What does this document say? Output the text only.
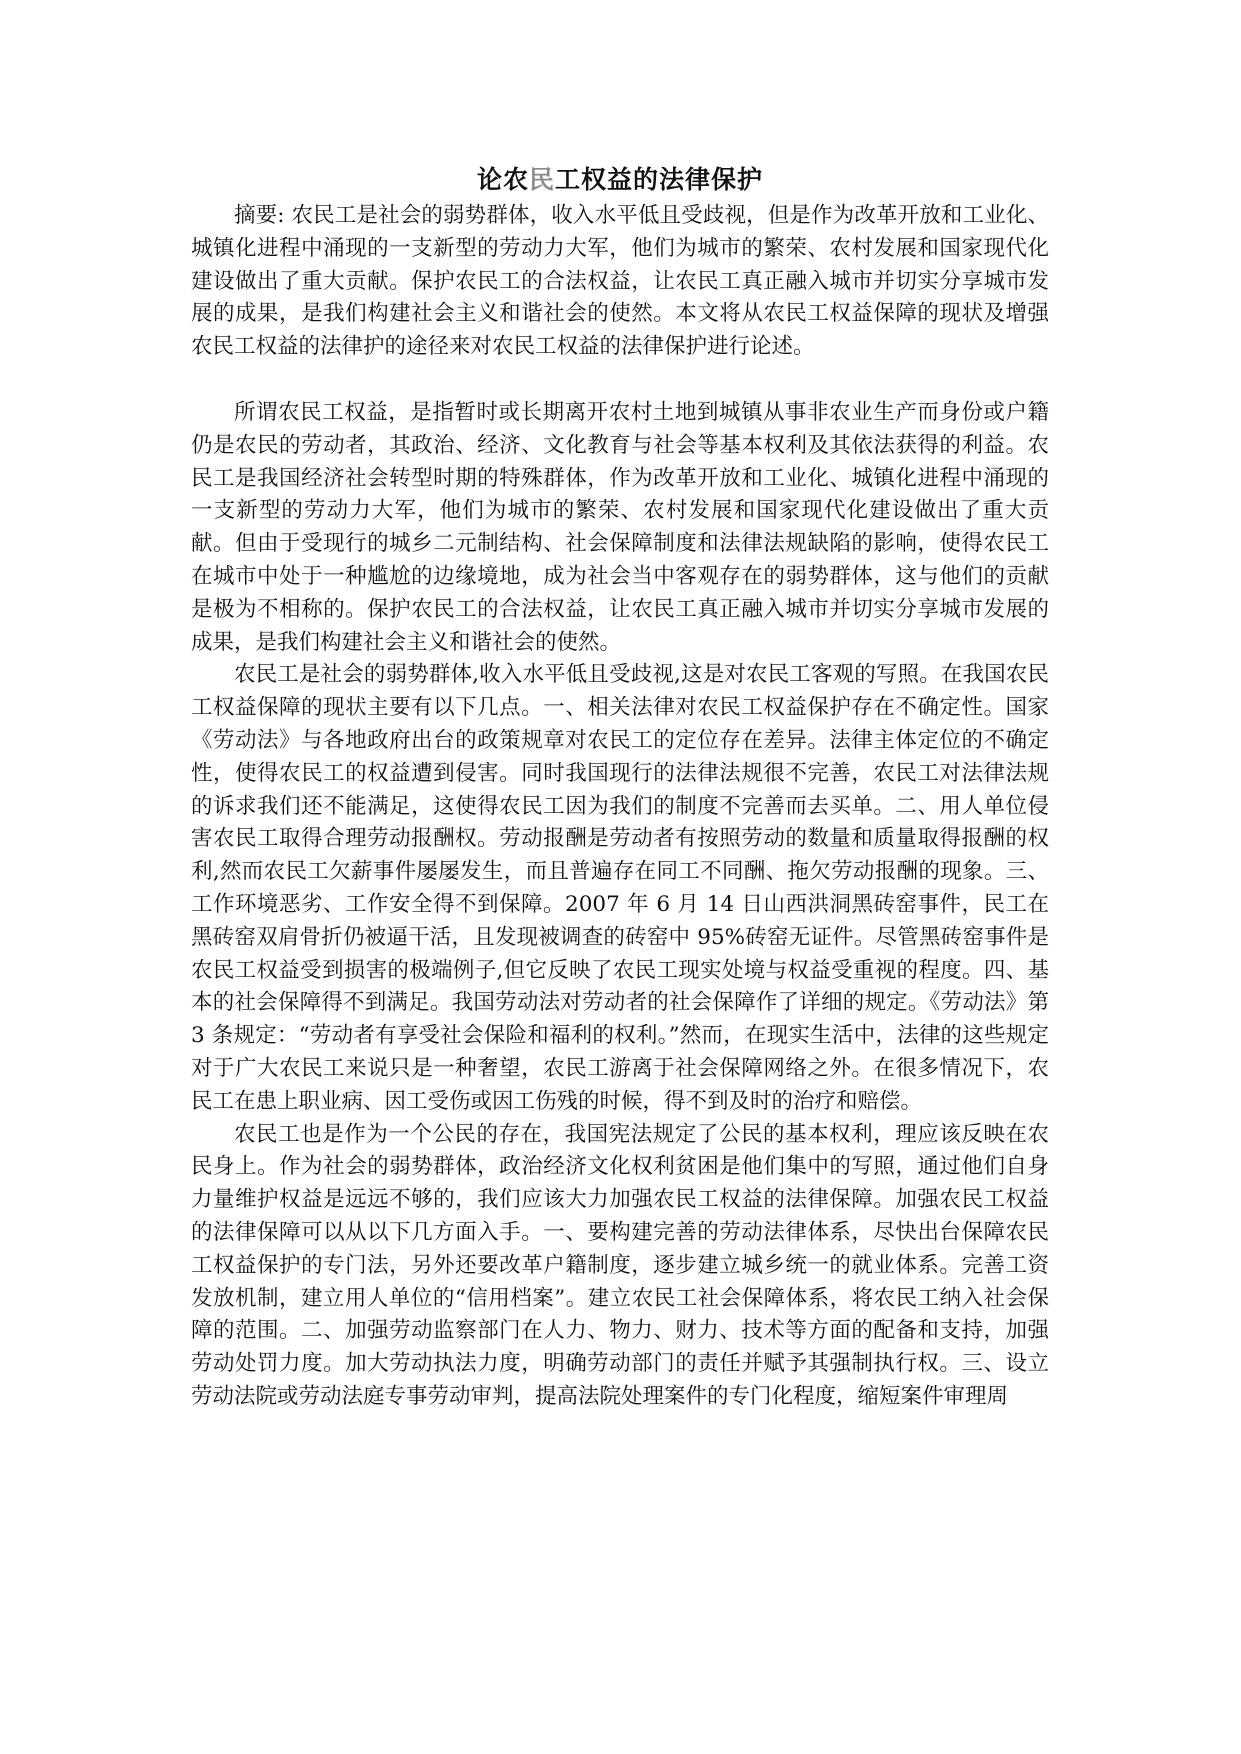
论农民工权益的法律保护

摘要: 农民工是社会的弱势群体，收入水平低且受歧视，但是作为改革开放和工业化、城镇化进程中涌现的一支新型的劳动力大军，他们为城市的繁荣、农村发展和国家现代化建设做出了重大贡献。保护农民工的合法权益，让农民工真正融入城市并切实分享城市发展的成果，是我们构建社会主义和谐社会的使然。本文将从农民工权益保障的现状及增强农民工权益的法律护的途径来对农民工权益的法律保护进行论述。

所谓农民工权益，是指暂时或长期离开农村土地到城镇从事非农业生产而身份或户籍仍是农民的劳动者，其政治、经济、文化教育与社会等基本权利及其依法获得的利益。农民工是我国经济社会转型时期的特殊群体，作为改革开放和工业化、城镇化进程中涌现的一支新型的劳动力大军，他们为城市的繁荣、农村发展和国家现代化建设做出了重大贡献。但由于受现行的城乡二元制结构、社会保障制度和法律法规缺陷的影响，使得农民工在城市中处于一种尴尬的边缘境地，成为社会当中客观存在的弱势群体，这与他们的贡献是极为不相称的。保护农民工的合法权益，让农民工真正融入城市并切实分享城市发展的成果，是我们构建社会主义和谐社会的使然。

农民工是社会的弱势群体,收入水平低且受歧视,这是对农民工客观的写照。在我国农民工权益保障的现状主要有以下几点。一、相关法律对农民工权益保护存在不确定性。国家《劳动法》与各地政府出台的政策规章对农民工的定位存在差异。法律主体定位的不确定性，使得农民工的权益遭到侵害。同时我国现行的法律法规很不完善，农民工对法律法规的诉求我们还不能满足，这使得农民工因为我们的制度不完善而去买单。二、用人单位侵害农民工取得合理劳动报酬权。劳动报酬是劳动者有按照劳动的数量和质量取得报酬的权利,然而农民工欠薪事件屡屡发生，而且普遍存在同工不同酬、拖欠劳动报酬的现象。三、工作环境恶劣、工作安全得不到保障。2007 年 6 月 14 日山西洪洞黑砖窑事件，民工在黑砖窑双肩骨折仍被逼干活，且发现被调查的砖窑中 95%砖窑无证件。尽管黑砖窑事件是农民工权益受到损害的极端例子,但它反映了农民工现实处境与权益受重视的程度。四、基本的社会保障得不到满足。我国劳动法对劳动者的社会保障作了详细的规定。《劳动法》第 3 条规定：“劳动者有享受社会保险和福利的权利。”然而，在现实生活中，法律的这些规定对于广大农民工来说只是一种奢望，农民工游离于社会保障网络之外。在很多情况下，农民工在患上职业病、因工受伤或因工伤残的时候，得不到及时的治疗和赔偿。

农民工也是作为一个公民的存在，我国宪法规定了公民的基本权利，理应该反映在农民身上。作为社会的弱势群体，政治经济文化权利贫困是他们集中的写照，通过他们自身力量维护权益是远远不够的，我们应该大力加强农民工权益的法律保障。加强农民工权益的法律保障可以从以下几方面入手。一、要构建完善的劳动法律体系，尽快出台保障农民工权益保护的专门法，另外还要改革户籍制度，逐步建立城乡统一的就业体系。完善工资发放机制，建立用人单位的“信用档案”。建立农民工社会保障体系，将农民工纳入社会保障的范围。二、加强劳动监察部门在人力、物力、财力、技术等方面的配备和支持，加强劳动处罚力度。加大劳动执法力度，明确劳动部门的责任并赋予其强制执行权。三、设立劳动法院或劳动法庭专事劳动审判，提高法院处理案件的专门化程度，缩短案件审理周
